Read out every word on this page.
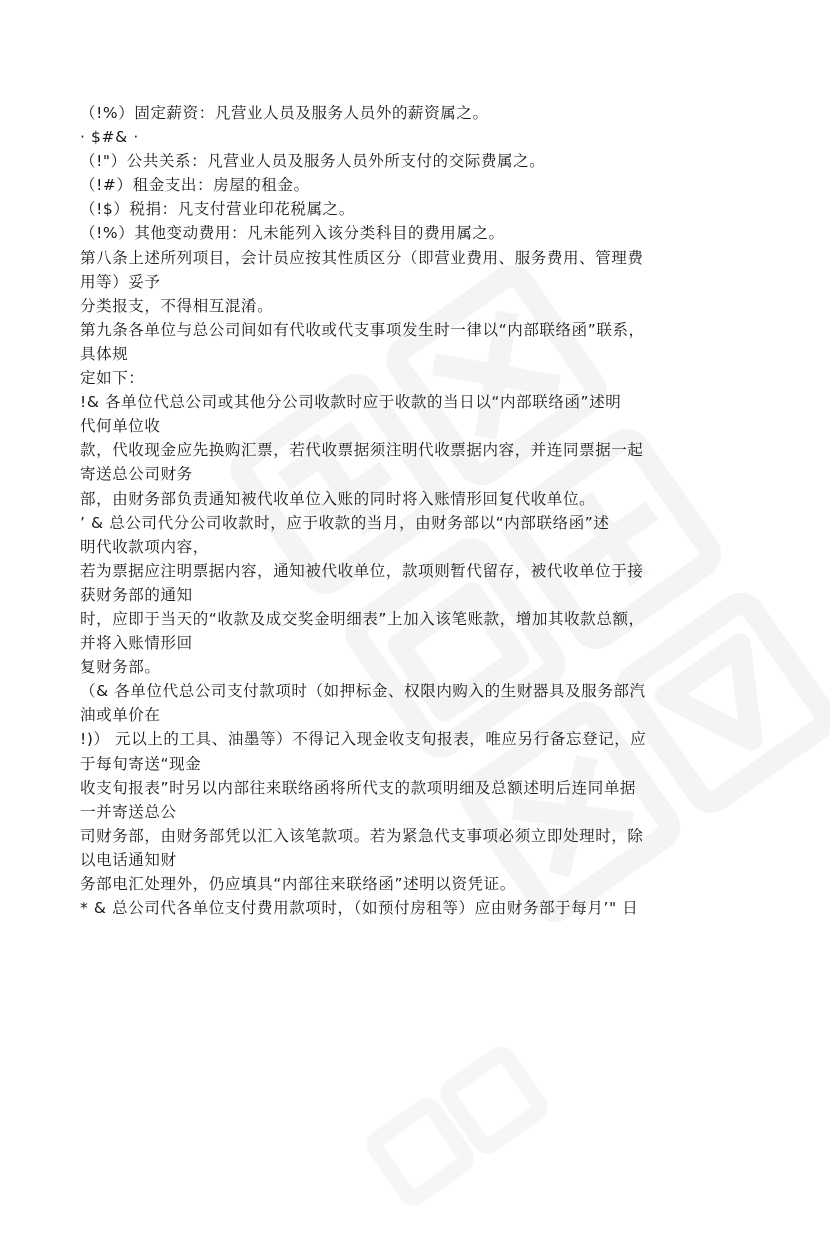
（!%）固定薪资：凡营业人员及服务人员外的薪资属之。
· $#& ·
（!"）公共关系：凡营业人员及服务人员外所支付的交际费属之。
（!#）租金支出：房屋的租金。
（!$）税捐：凡支付营业印花税属之。
（!%）其他变动费用：凡未能列入该分类科目的费用属之。
第八条上述所列项目，会计员应按其性质区分（即营业费用、服务费用、管理费
用等）妥予
分类报支，不得相互混淆。
第九条各单位与总公司间如有代收或代支事项发生时一律以“内部联络函”联系，
具体规
定如下：
!& 各单位代总公司或其他分公司收款时应于收款的当日以“内部联络函”述明
代何单位收
款，代收现金应先换购汇票，若代收票据须注明代收票据内容，并连同票据一起
寄送总公司财务
部，由财务部负责通知被代收单位入账的同时将入账情形回复代收单位。
’ & 总公司代分公司收款时，应于收款的当月，由财务部以“内部联络函”述
明代收款项内容，
若为票据应注明票据内容，通知被代收单位，款项则暂代留存，被代收单位于接
获财务部的通知
时，应即于当天的“收款及成交奖金明细表”上加入该笔账款，增加其收款总额，
并将入账情形回
复财务部。
（& 各单位代总公司支付款项时（如押标金、权限内购入的生财器具及服务部汽
油或单价在
!)） 元以上的工具、油墨等）不得记入现金收支旬报表，唯应另行备忘登记，应
于每旬寄送“现金
收支旬报表”时另以内部往来联络函将所代支的款项明细及总额述明后连同单据
一并寄送总公
司财务部，由财务部凭以汇入该笔款项。若为紧急代支事项必须立即处理时，除
以电话通知财
务部电汇处理外，仍应填具“内部往来联络函”述明以资凭证。
* & 总公司代各单位支付费用款项时，（如预付房租等）应由财务部于每月’" 日
